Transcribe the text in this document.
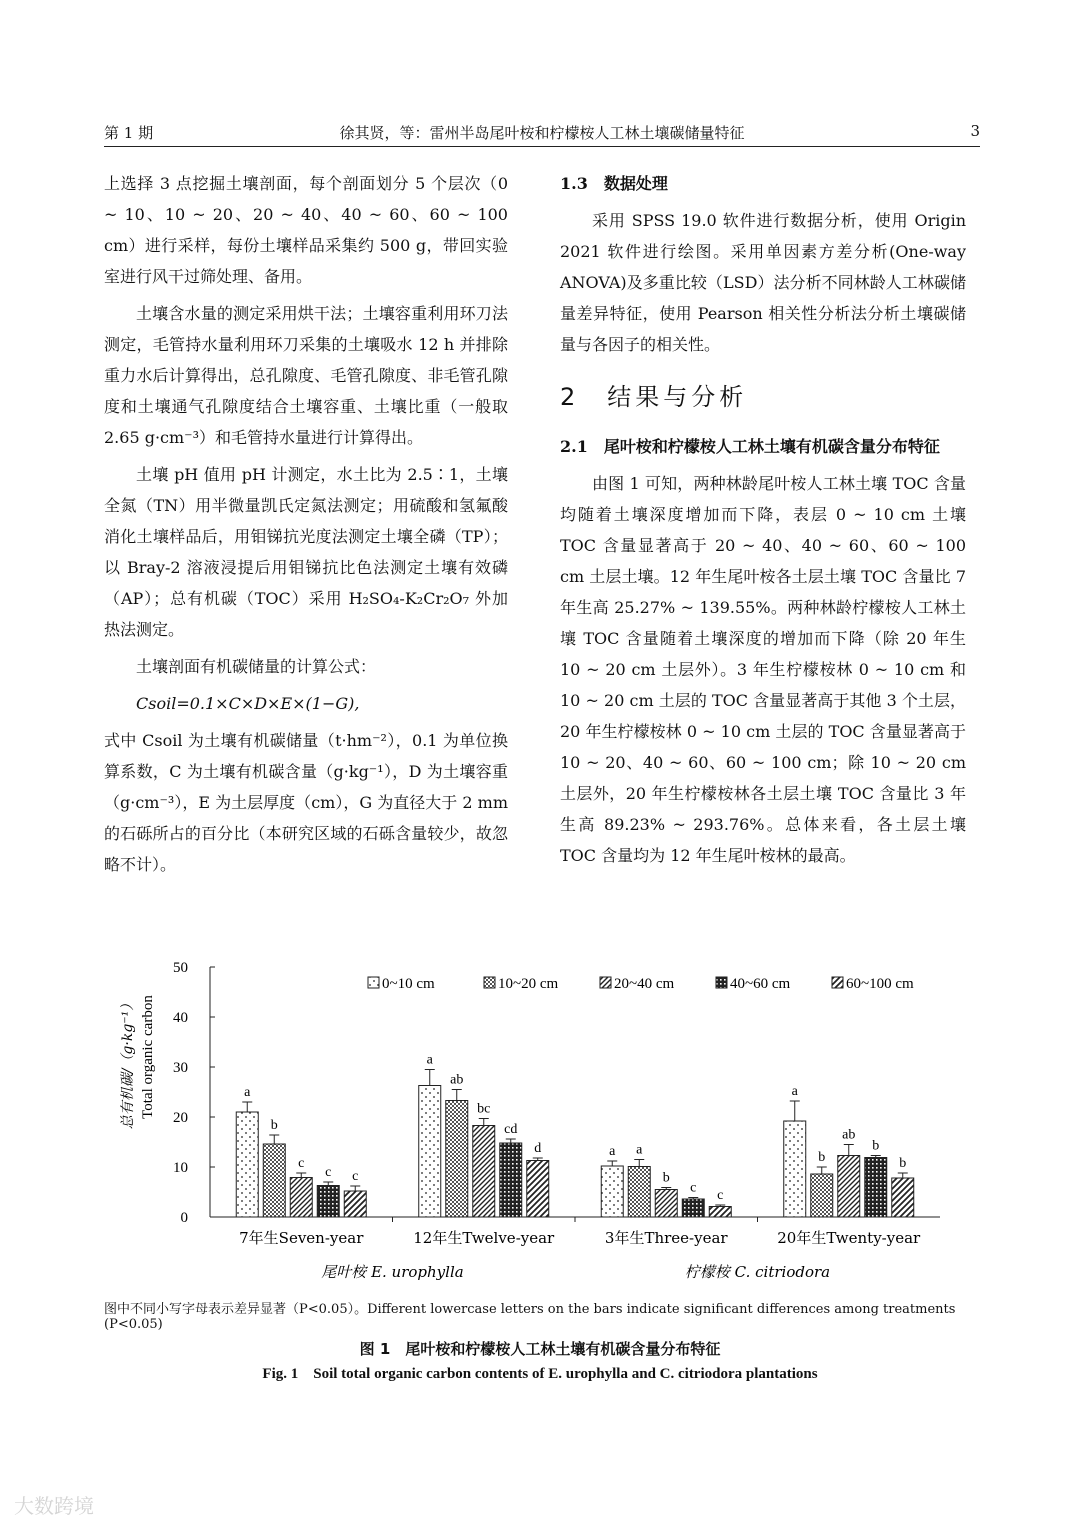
第 1 期	徐其贤，等：雷州半岛尾叶桉和柠檬桉人工林土壤碳储量特征	3

上选择 3 点挖掘土壤剖面，每个剖面划分 5 个层次（0 ~ 10、10 ~ 20、20 ~ 40、40 ~ 60、60 ~ 100 cm）进行采样，每份土壤样品采集约 500 g，带回实验室进行风干过筛处理、备用。

土壤含水量的测定采用烘干法；土壤容重利用环刀法测定，毛管持水量利用环刀采集的土壤吸水 12 h 并排除重力水后计算得出，总孔隙度、毛管孔隙度、非毛管孔隙度和土壤通气孔隙度结合土壤容重、土壤比重（一般取 2.65 g·cm⁻³）和毛管持水量进行计算得出。

土壤 pH 值用 pH 计测定，水土比为 2.5∶1，土壤全氮（TN）用半微量凯氏定氮法测定；用硫酸和氢氟酸消化土壤样品后，用钼锑抗光度法测定土壤全磷（TP）；以 Bray-2 溶液浸提后用钼锑抗比色法测定土壤有效磷（AP）；总有机碳（TOC）采用 H₂SO₄-K₂Cr₂O₇ 外加热法测定。

土壤剖面有机碳储量的计算公式：

Csoil=0.1×C×D×E×(1−G),

式中 Csoil 为土壤有机碳储量（t·hm⁻²），0.1 为单位换算系数，C 为土壤有机碳含量（g·kg⁻¹），D 为土壤容重（g·cm⁻³），E 为土层厚度（cm），G 为直径大于 2 mm 的石砾所占的百分比（本研究区域的石砾含量较少，故忽略不计）。

1.3　数据处理

采用 SPSS 19.0 软件进行数据分析，使用 Origin 2021 软件进行绘图。采用单因素方差分析(One-way ANOVA)及多重比较（LSD）法分析不同林龄人工林碳储量差异特征，使用 Pearson 相关性分析法分析土壤碳储量与各因子的相关性。

2　结果与分析
2.1　尾叶桉和柠檬桉人工林土壤有机碳含量分布特征

由图 1 可知，两种林龄尾叶桉人工林土壤 TOC 含量均随着土壤深度增加而下降，表层 0 ~ 10 cm 土壤 TOC 含量显著高于 20 ~ 40、40 ~ 60、60 ~ 100 cm 土层土壤。12 年生尾叶桉各土层土壤 TOC 含量比 7 年生高 25.27% ~ 139.55%。两种林龄柠檬桉人工林土壤 TOC 含量随着土壤深度的增加而下降（除 20 年生 10 ~ 20 cm 土层外）。3 年生柠檬桉林 0 ~ 10 cm 和 10 ~ 20 cm 土层的 TOC 含量显著高于其他 3 个土层，20 年生柠檬桉林 0 ~ 10 cm 土层的 TOC 含量显著高于 10 ~ 20、40 ~ 60、60 ~ 100 cm；除 10 ~ 20 cm 土层外，20 年生柠檬桉林各土层土壤 TOC 含量比 3 年生高 89.23% ~ 293.76%。总体来看，各土层土壤 TOC 含量均为 12 年生尾叶桉林的最高。

0
10
20
30
40
50
7年生Seven-year	12年生Twelve-year	3年生Three-year	20年生Twenty-year
尾叶桉 E. urophylla	柠檬桉 C. citriodora
a
b
c
c c
a
ab
bc
cd
d	a a
b
c c
a
b
ab
b
b
0~10 cm	10~20 cm	20~40 cm	40~60 cm	60~100 cm
总有机碳/（g·kg⁻¹） Total organic carbon
图中不同小写字母表示差异显著（P<0.05）。Different lowercase letters on the bars indicate significant differences among treatments (P<0.05)
图 1　尾叶桉和柠檬桉人工林土壤有机碳含量分布特征
Fig. 1　Soil total organic carbon contents of E. urophylla and C. citriodora plantations
大数跨境
